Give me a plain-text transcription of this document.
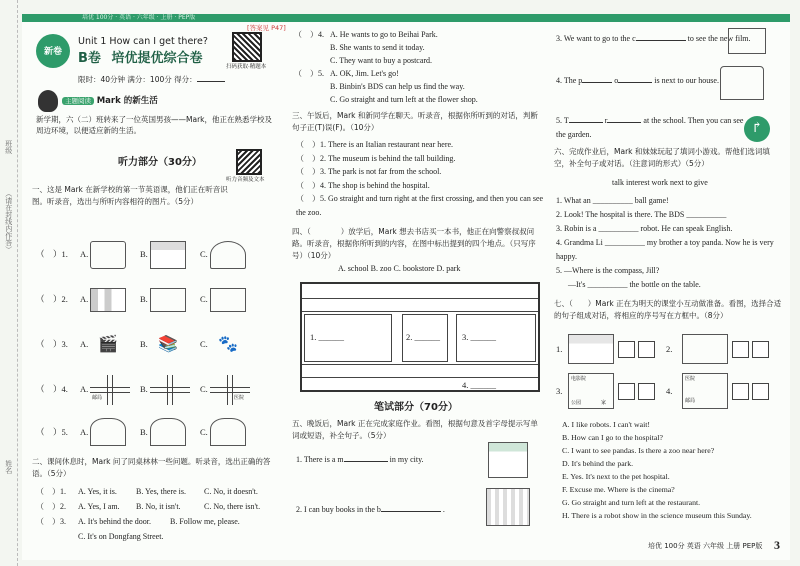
班级
（请在封线内作答）
姓名
培优 100分 · 英语 · 六年级 · 上册 · PEP版
[答案见 P47]
新卷
Unit 1 How can I get there?
B卷 培优提优综合卷
扫码获取·精题本
限时：40分钟 满分：100分 得分：
主题阅读 Mark 的新生活
新学期，六（二）班转来了一位英国男孩——Mark，他正在熟悉学校及周边环境，以便适应新的生活。
听力部分（30分）
听力音频及文本
一、这是 Mark 在新学校的第一节英语课，他们正在听音识图。听录音，选出与所听内容相符的图片。（5分）
（　）1.	A.	B.	C.
（　）2.	A.	B.	C.
（　）3.	A. 🎬	B. 📚	C. 🐾
（　）4.	A.
邮局
B.	C.
医院
（　）5.	A.	B.	C.
二、课间休息时，Mark 问了同桌林林一些问题。听录音，选出正确的答语。（5分）
（　）1. A. Yes, it is. B. Yes, there is. C. No, it doesn't.
（　）2. A. Yes, I am. B. No, it isn't.	C. No, there isn't.
（　）3. A. It's behind the door. B. Follow me, please.
C. It's on Dongfang Street.
（　）4. A. He wants to go to Beihai Park.
B. She wants to send it today.
C. They want to buy a postcard.
（　）5. A. OK, Jim. Let's go!
B. Binbin's BDS can help us find the way.
C. Go straight and turn left at the flower shop.
三、午饭后，Mark 和新同学在聊天。听录音，根据你所听到的对话，判断句子正(T)误(F)。（10分）
（　）1. There is an Italian restaurant near here.
（　）2. The museum is behind the tall building.
（　）3. The park is not far from the school.
（　）4. The shop is behind the hospital.
（　）5. Go straight and turn right at the first crossing, and then you can see the zoo.
四、（　　　　）放学后，Mark 想去书店买一本书，他正在向警察叔叔问路。听录音，根据你所听到的内容，在图中标出提到的四个地点。（只写序号）（10分）
A. school B. zoo C. bookstore D. park
1. ______	2. ______	3. ______
4. ______
笔试部分（70分）
五、晚饭后，Mark 正在完成家庭作业。看图，根据句意及首字母提示写单词或短语，补全句子。（5分）
1. There is a m	in my city.
2. I can buy books in the b	.
3. We want to go to the c	to see the new film.
4. The p	o	is next to our house.
5. T	r	at the school. Then you can see the garden.	↱
六、完成作业后，Mark 和妹妹玩起了填词小游戏。帮他们选词填空，补全句子或对话。（注意词的形式）（5分）
talk interest work next to give
1. What an __________ ball game!
2. Look! The hospital is there. The BDS __________
3. Robin is a __________ robot. He can speak English.
4. Grandma Li __________ my brother a toy panda. Now he is very happy.
5. —Where is the compass, Jill?
—It's __________ the bottle on the table.
七、（　　）Mark 正在为明天的课堂小互动做准备。看图，选择合适的句子组成对话，将相应的序号写在方框中。（8分）
1.	2.
3.
电影院
公园	家
4.
医院
邮局
A. I like robots. I can't wait!
B. How can I go to the hospital?
C. I want to see pandas. Is there a zoo near here?
D. It's behind the park.
E. Yes. It's next to the pet hospital.
F. Excuse me. Where is the cinema?
G. Go straight and turn left at the restaurant.
H. There is a robot show in the science museum this Sunday.
培优 100分 英语 六年级 上册 PEP版 3
